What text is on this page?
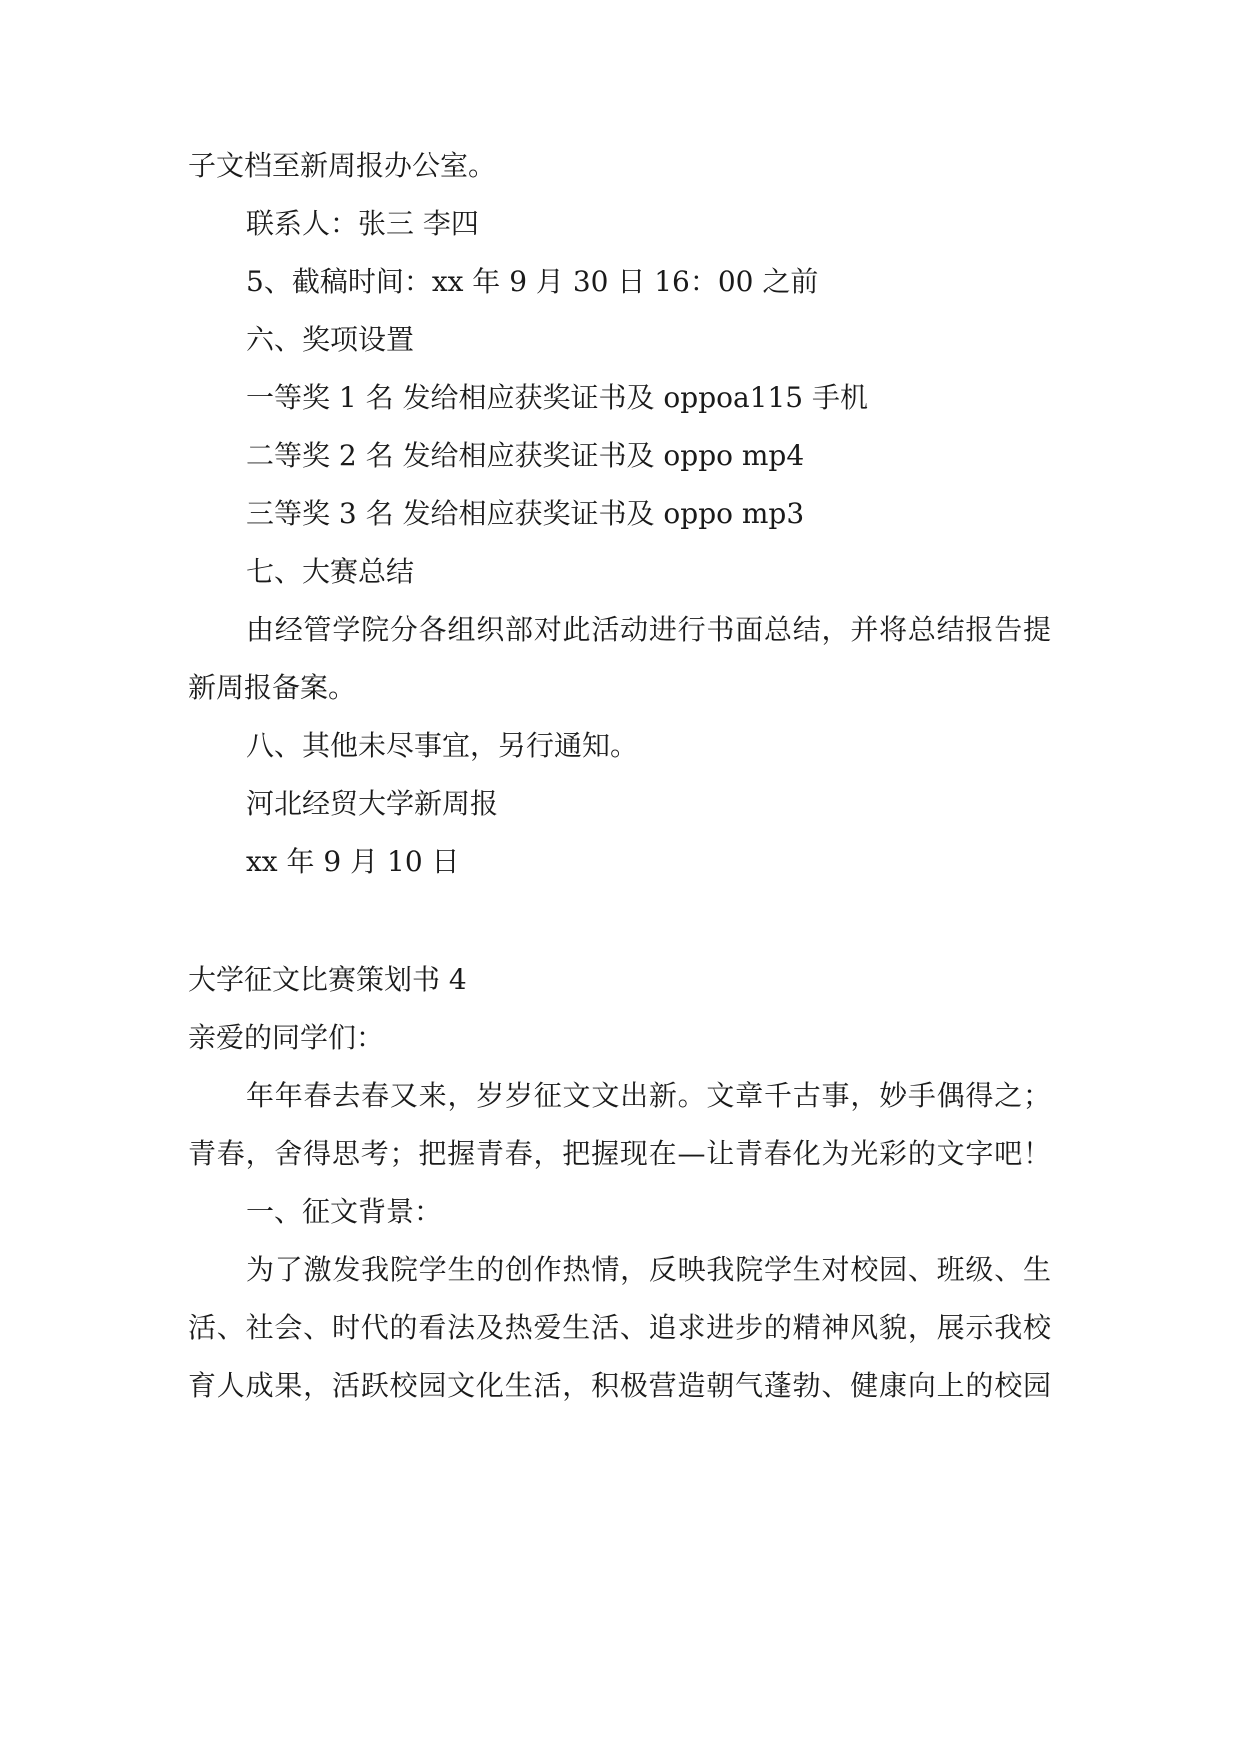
子文档至新周报办公室。

联系人：张三 李四

5、截稿时间：xx 年 9 月 30 日 16：00 之前

六、奖项设置

一等奖 1 名 发给相应获奖证书及 oppoa115 手机

二等奖 2 名 发给相应获奖证书及 oppo mp4

三等奖 3 名 发给相应获奖证书及 oppo mp3

七、大赛总结

由经管学院分各组织部对此活动进行书面总结，并将总结报告提

新周报备案。

八、其他未尽事宜，另行通知。

河北经贸大学新周报

xx 年 9 月 10 日

大学征文比赛策划书 4

亲爱的同学们：

年年春去春又来，岁岁征文文出新。文章千古事，妙手偶得之；

青春，舍得思考；把握青春，把握现在—让青春化为光彩的文字吧！

一、征文背景：

为了激发我院学生的创作热情，反映我院学生对校园、班级、生

活、社会、时代的看法及热爱生活、追求进步的精神风貌，展示我校

育人成果，活跃校园文化生活，积极营造朝气蓬勃、健康向上的校园
